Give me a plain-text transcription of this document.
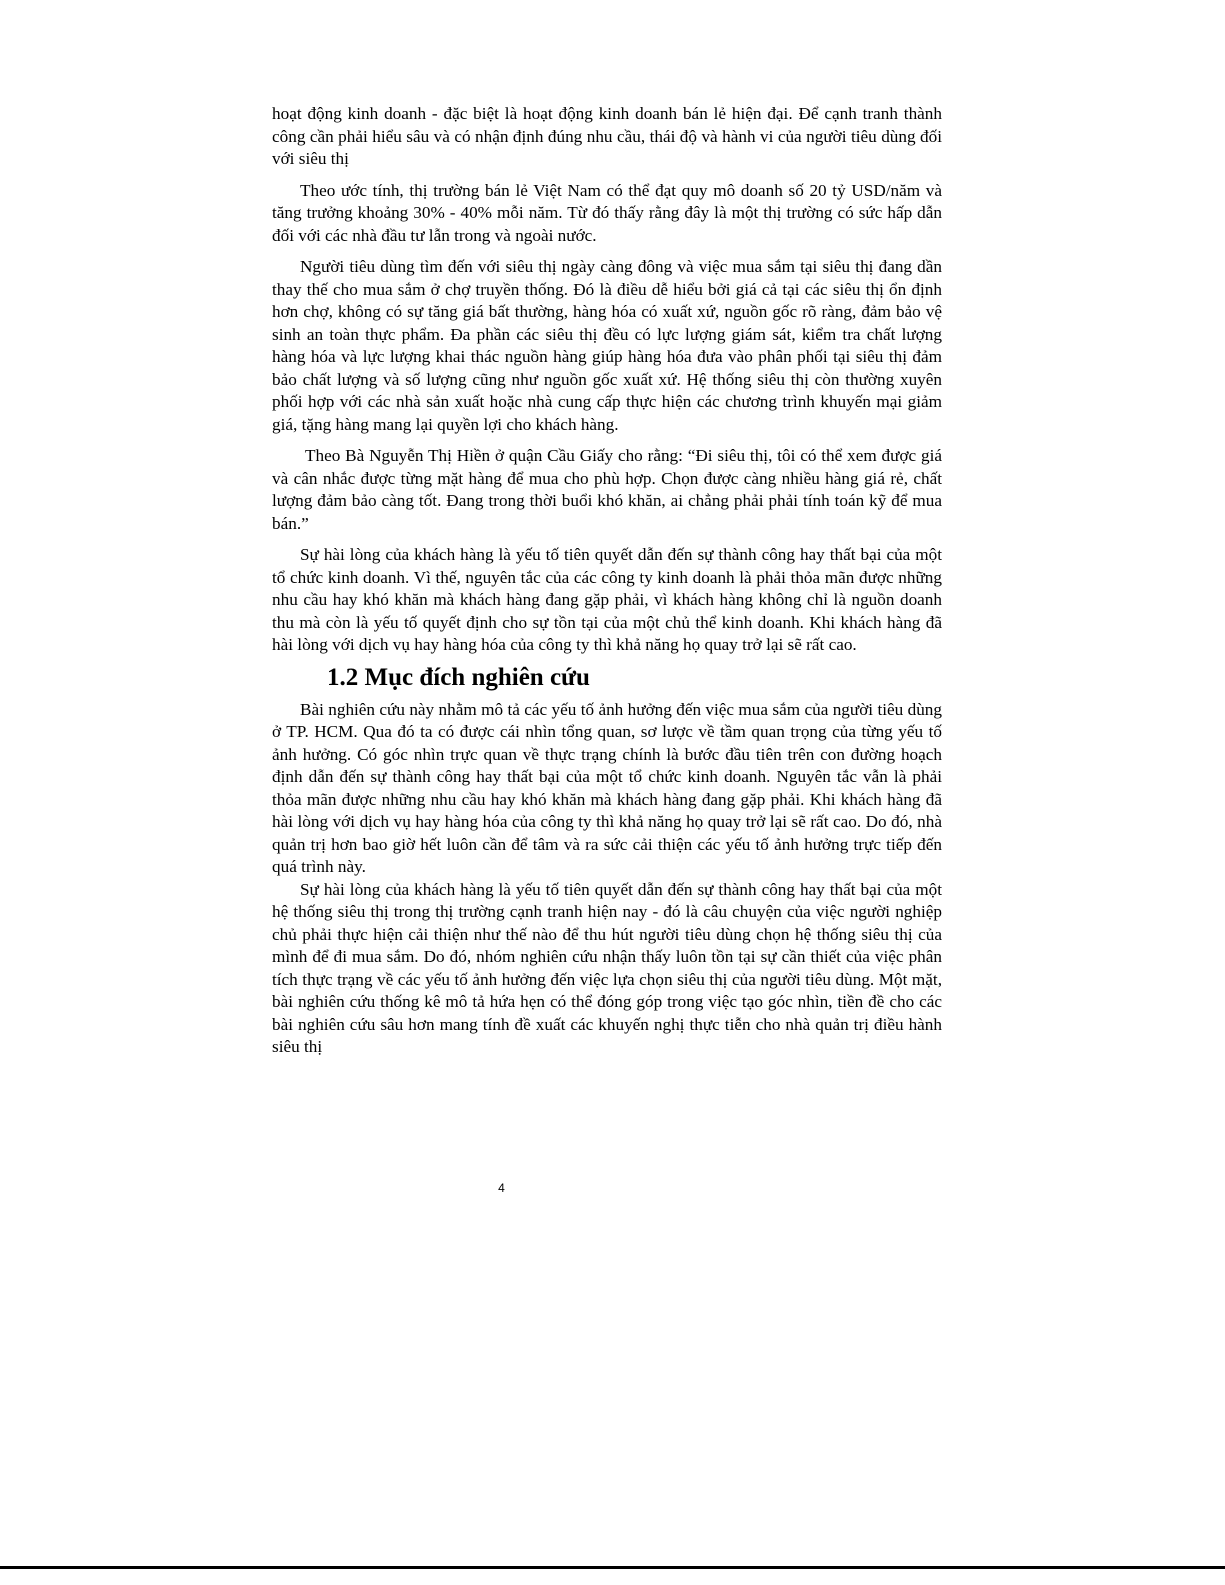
hoạt động kinh doanh - đặc biệt là hoạt động kinh doanh bán lẻ hiện đại. Để cạnh tranh thành công cần phải hiểu sâu và có nhận định đúng nhu cầu, thái độ và hành vi của người tiêu dùng đối với siêu thị

Theo ước tính, thị trường bán lẻ Việt Nam có thể đạt quy mô doanh số 20 tỷ USD/năm và tăng trưởng khoảng 30% - 40% mỗi năm. Từ đó thấy rằng đây là một thị trường có sức hấp dẫn đối với các nhà đầu tư lẫn trong và ngoài nước.

Người tiêu dùng tìm đến với siêu thị ngày càng đông và việc mua sắm tại siêu thị đang dần thay thế cho mua sắm ở chợ truyền thống. Đó là điều dễ hiểu bởi giá cả tại các siêu thị ổn định hơn chợ, không có sự tăng giá bất thường, hàng hóa có xuất xứ, nguồn gốc rõ ràng, đảm bảo vệ sinh an toàn thực phẩm. Đa phần các siêu thị đều có lực lượng giám sát, kiểm tra chất lượng hàng hóa và lực lượng khai thác nguồn hàng giúp hàng hóa đưa vào phân phối tại siêu thị đảm bảo chất lượng và số lượng cũng như nguồn gốc xuất xứ. Hệ thống siêu thị còn thường xuyên phối hợp với các nhà sản xuất hoặc nhà cung cấp thực hiện các chương trình khuyến mại giảm giá, tặng hàng mang lại quyền lợi cho khách hàng.

Theo Bà Nguyễn Thị Hiền ở quận Cầu Giấy cho rằng: “Đi siêu thị, tôi có thể xem được giá và cân nhắc được từng mặt hàng để mua cho phù hợp. Chọn được càng nhiều hàng giá rẻ, chất lượng đảm bảo càng tốt. Đang trong thời buổi khó khăn, ai chẳng phải phải tính toán kỹ để mua bán.”

Sự hài lòng của khách hàng là yếu tố tiên quyết dẫn đến sự thành công hay thất bại của một tổ chức kinh doanh. Vì thế, nguyên tắc của các công ty kinh doanh là phải thỏa mãn được những nhu cầu hay khó khăn mà khách hàng đang gặp phải, vì khách hàng không chỉ là nguồn doanh thu mà còn là yếu tố quyết định cho sự tồn tại của một chủ thể kinh doanh. Khi khách hàng đã hài lòng với dịch vụ hay hàng hóa của công ty thì khả năng họ quay trở lại sẽ rất cao.

1.2 Mục đích nghiên cứu

Bài nghiên cứu này nhằm mô tả các yếu tố ảnh hưởng đến việc mua sắm của người tiêu dùng ở TP. HCM. Qua đó ta có được cái nhìn tổng quan, sơ lược về tầm quan trọng của từng yếu tố ảnh hưởng. Có góc nhìn trực quan về thực trạng chính là bước đầu tiên trên con đường hoạch định dẫn đến sự thành công hay thất bại của một tổ chức kinh doanh. Nguyên tắc vẫn là phải thỏa mãn được những nhu cầu hay khó khăn mà khách hàng đang gặp phải. Khi khách hàng đã hài lòng với dịch vụ hay hàng hóa của công ty thì khả năng họ quay trở lại sẽ rất cao. Do đó, nhà quản trị hơn bao giờ hết luôn cần để tâm và ra sức cải thiện các yếu tố ảnh hưởng trực tiếp đến quá trình này.

Sự hài lòng của khách hàng là yếu tố tiên quyết dẫn đến sự thành công hay thất bại của một hệ thống siêu thị trong thị trường cạnh tranh hiện nay - đó là câu chuyện của việc người nghiệp chủ phải thực hiện cải thiện như thế nào để thu hút người tiêu dùng chọn hệ thống siêu thị của mình để đi mua sắm. Do đó, nhóm nghiên cứu nhận thấy luôn tồn tại sự cần thiết của việc phân tích thực trạng về các yếu tố ảnh hưởng đến việc lựa chọn siêu thị của người tiêu dùng. Một mặt, bài nghiên cứu thống kê mô tả hứa hẹn có thể đóng góp trong việc tạo góc nhìn, tiền đề cho các bài nghiên cứu sâu hơn mang tính đề xuất các khuyến nghị thực tiễn cho nhà quản trị điều hành siêu thị

4
